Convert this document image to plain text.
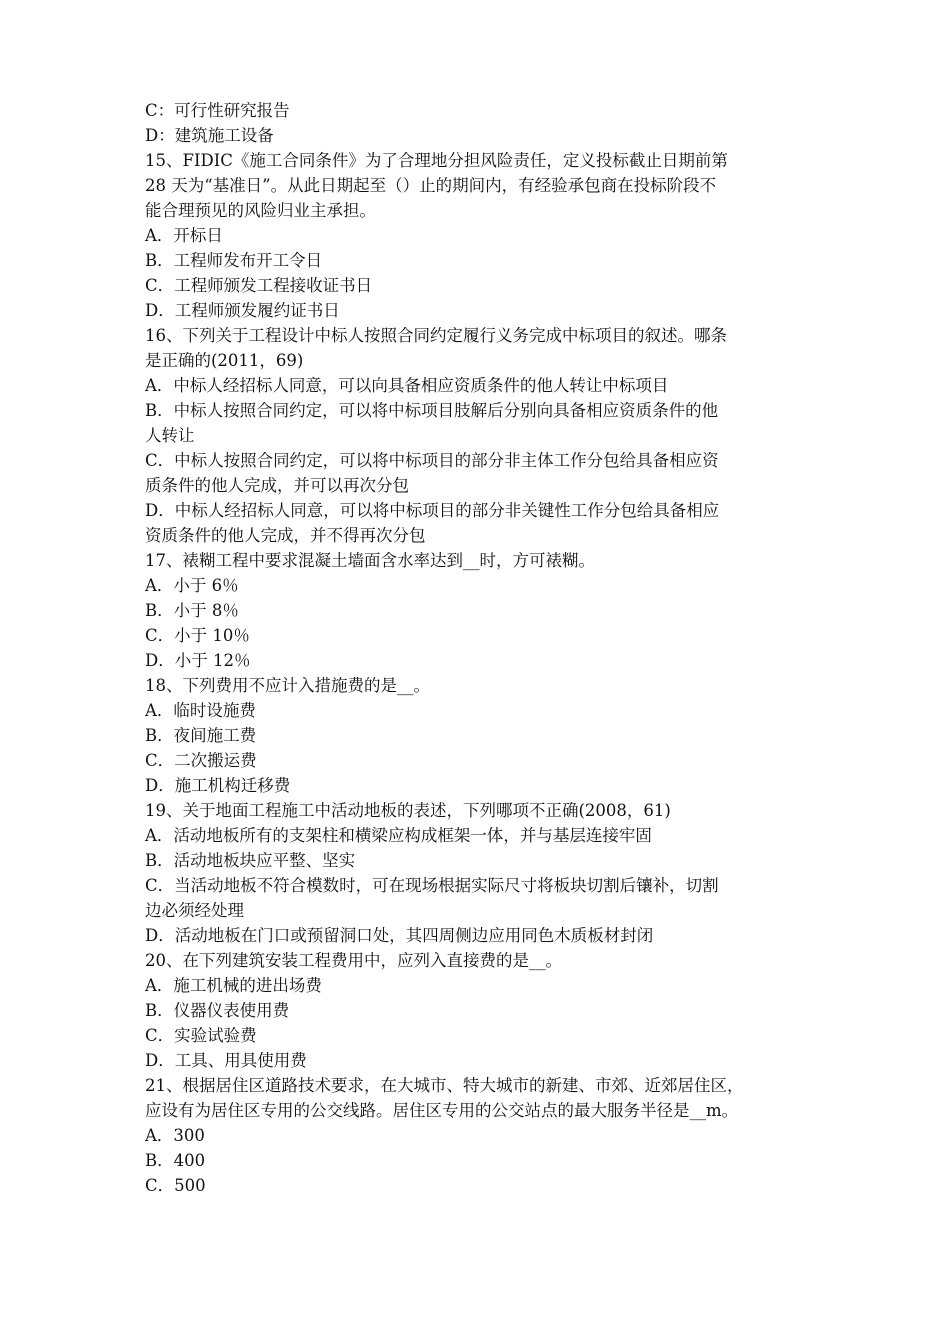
C：可行性研究报告
D：建筑施工设备
15、FIDIC《施工合同条件》为了合理地分担风险责任，定义投标截止日期前第
28 天为“基准日”。从此日期起至（）止的期间内，有经验承包商在投标阶段不
能合理预见的风险归业主承担。
A．开标日
B．工程师发布开工令日
C．工程师颁发工程接收证书日
D．工程师颁发履约证书日
16、下列关于工程设计中标人按照合同约定履行义务完成中标项目的叙述。哪条
是正确的(2011，69)
A．中标人经招标人同意，可以向具备相应资质条件的他人转让中标项目
B．中标人按照合同约定，可以将中标项目肢解后分别向具备相应资质条件的他
人转让
C．中标人按照合同约定，可以将中标项目的部分非主体工作分包给具备相应资
质条件的他人完成，并可以再次分包
D．中标人经招标人同意，可以将中标项目的部分非关键性工作分包给具备相应
资质条件的他人完成，并不得再次分包
17、裱糊工程中要求混凝土墙面含水率达到__时，方可裱糊。
A．小于 6％
B．小于 8％
C．小于 10％
D．小于 12％
18、下列费用不应计入措施费的是__。
A．临时设施费
B．夜间施工费
C．二次搬运费
D．施工机构迁移费
19、关于地面工程施工中活动地板的表述，下列哪项不正确(2008，61)
A．活动地板所有的支架柱和横梁应构成框架一体，并与基层连接牢固
B．活动地板块应平整、坚实
C．当活动地板不符合模数时，可在现场根据实际尺寸将板块切割后镶补，切割
边必须经处理
D．活动地板在门口或预留洞口处，其四周侧边应用同色木质板材封闭
20、在下列建筑安装工程费用中，应列入直接费的是__。
A．施工机械的进出场费
B．仪器仪表使用费
C．实验试验费
D．工具、用具使用费
21、根据居住区道路技术要求，在大城市、特大城市的新建、市郊、近郊居住区，
应设有为居住区专用的公交线路。居住区专用的公交站点的最大服务半径是__m。
A．300
B．400
C．500
